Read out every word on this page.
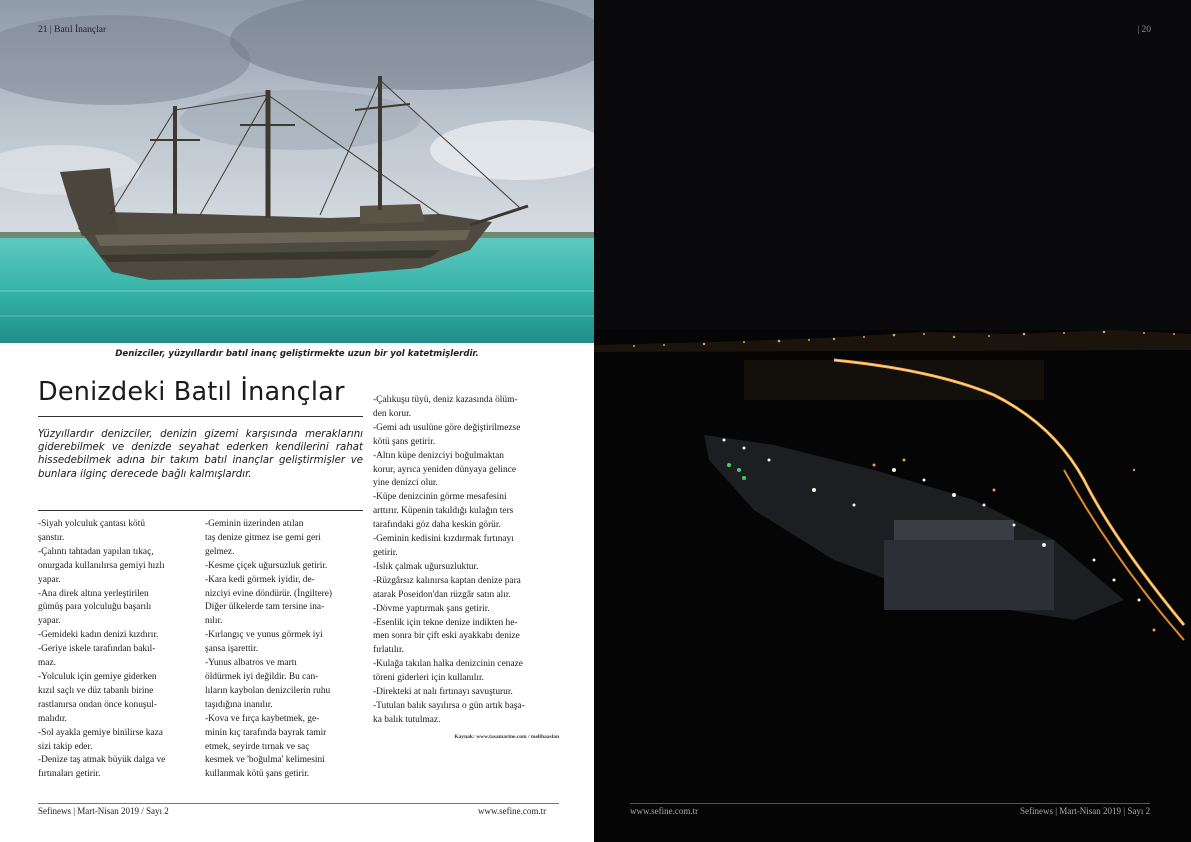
21 | Batıl İnançlar
Denizciler, yüzyıllardır batıl inanç geliştirmekte uzun bir yol katetmişlerdir.
Denizdeki Batıl İnançlar

Yüzyıllardır denizciler, denizin gizemi karşısında meraklarını giderebilmek ve denizde seyahat ederken kendilerini rahat hissedebilmek adına bir takım batıl inançlar geliştirmişler ve bunlara ilginç derecede bağlı kalmışlardır.

-Siyah yolculuk çantası kötü
şanstır.

-Çalıntı tahtadan yapılan tıkaç,
onurgada kullanılırsa gemiyi hızlı
yapar.

-Ana direk altına yerleştirilen
gümüş para yolculuğu başarılı
yapar.

-Gemideki kadın denizi kızdırır.

-Geriye iskele tarafından bakıl-
maz.

-Yolculuk için gemiye giderken
kızıl saçlı ve düz tabanlı birine
rastlanırsa ondan önce konuşul-
malıdır.

-Sol ayakla gemiye binilirse kaza
sizi takip eder.

-Denize taş atmak büyük dalga ve
fırtınaları getirir.

-Geminin üzerinden atılan
taş denize gitmez ise gemi geri
gelmez.

-Kesme çiçek uğursuzluk getirir.

-Kara kedi görmek iyidir, de-
nizciyi evine döndürür. (İngiltere)
Diğer ülkelerde tam tersine ina-
nılır.

-Kırlangıç ve yunus görmek iyi
şansa işarettir.

-Yunus albatros ve martı
öldürmek iyi değildir. Bu can-
lıların kaybolan denizcilerin ruhu
taşıdığına inanılır.

-Kova ve fırça kaybetmek, ge-
minin kıç tarafında bayrak tamir
etmek, seyirde tırnak ve saç
kesmek ve 'boğulma' kelimesini
kullanmak kötü şans getirir.

-Çalıkuşu tüyü, deniz kazasında ölüm-
den korur.

-Gemi adı usulüne göre değiştirilmezse
kötü şans getirir.

-Altın küpe denizciyi boğulmaktan
korur, ayrıca yeniden dünyaya gelince
yine denizci olur.

-Küpe denizcinin görme mesafesini
arttırır. Küpenin takıldığı kulağın ters
tarafındaki göz daha keskin görür.

-Geminin kedisini kızdırmak fırtınayı
getirir.

-Islık çalmak uğursuzluktur.

-Rüzgârsız kalınırsa kaptan denize para
atarak Poseidon'dan rüzgâr satın alır.

-Dövme yaptırmak şans getirir.

-Esenlik için tekne denize indikten he-
men sonra bir çift eski ayakkabı denize
fırlatılır.

-Kulağa takılan halka denizcinin cenaze
töreni giderleri için kullanılır.

-Direkteki at nalı fırtınayı savuşturur.

-Tutulan balık sayılırsa o gün artık başa-
ka balık tutulmaz.

Kaynak: www.tasamarine.com / melihaaslan
Sefinews | Mart-Nisan 2019 / Sayı 2	www.sefine.com.tr
| 20
www.sefine.com.tr	Sefinews | Mart-Nisan 2019 | Sayı 2
